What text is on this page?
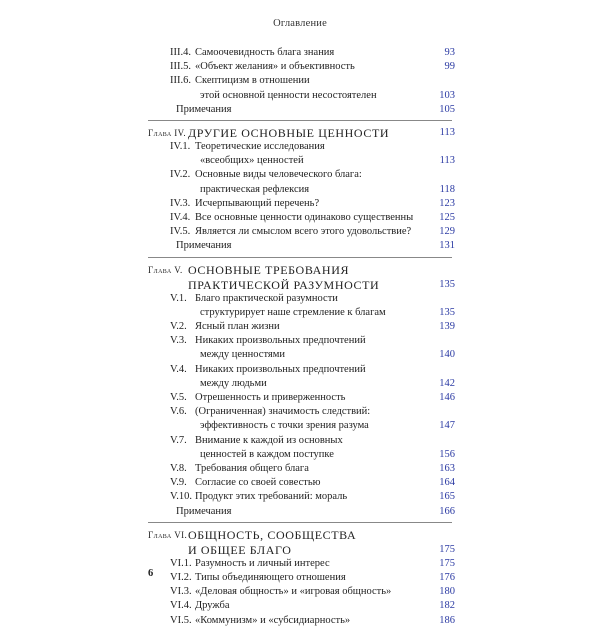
Оглавление
III.4. Самоочевидность блага знания	93
III.5. «Объект желания» и объективность	99
III.6. Скептицизм в отношении
этой основной ценности несостоятелен	103
Примечания	105
Глава IV. ДРУГИЕ ОСНОВНЫЕ ЦЕННОСТИ	113
IV.1. Теоретические исследования
«всеобщих» ценностей	113
IV.2. Основные виды человеческого блага:
практическая рефлексия	118
IV.3. Исчерпывающий перечень?	123
IV.4. Все основные ценности одинаково существенны	125
IV.5. Является ли смыслом всего этого удовольствие?	129
Примечания	131
Глава V. ОСНОВНЫЕ ТРЕБОВАНИЯ
ПРАКТИЧЕСКОЙ РАЗУМНОСТИ	135
V.1. Благо практической разумности
структурирует наше стремление к благам	135
V.2. Ясный план жизни	139
V.3. Никаких произвольных предпочтений
между ценностями	140
V.4. Никаких произвольных предпочтений
между людьми	142
V.5. Отрешенность и приверженность	146
V.6. (Ограниченная) значимость следствий:
эффективность с точки зрения разума	147
V.7. Внимание к каждой из основных
ценностей в каждом поступке	156
V.8. Требования общего блага	163
V.9. Согласие со своей совестью	164
V.10. Продукт этих требований: мораль	165
Примечания	166
Глава VI. ОБЩНОСТЬ, СООБЩЕСТВА
И ОБЩЕЕ БЛАГО	175
VI.1. Разумность и личный интерес	175
VI.2. Типы объединяющего отношения	176
VI.3. «Деловая общность» и «игровая общность»	180
VI.4. Дружба	182
VI.5. «Коммунизм» и «субсидиарность»	186
6
